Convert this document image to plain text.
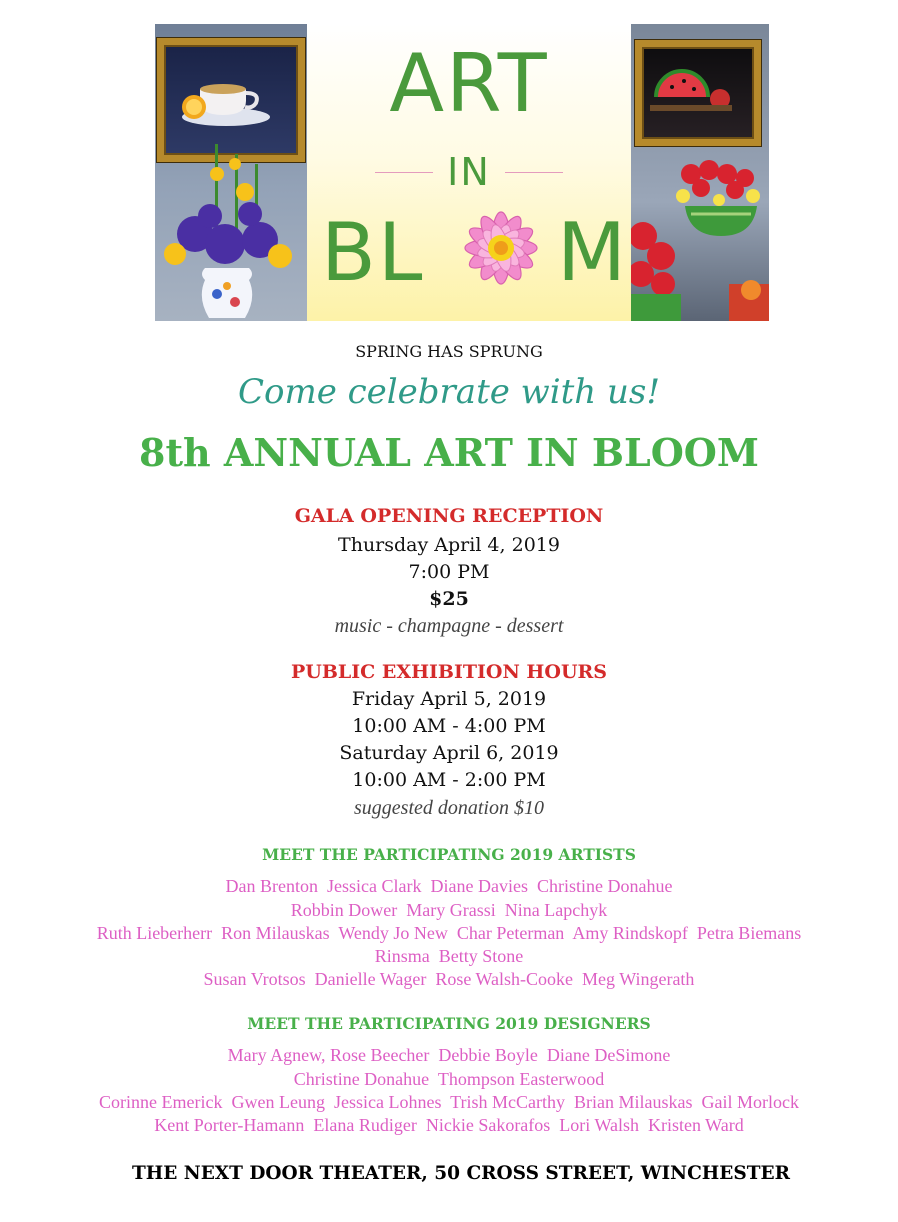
ART
IN
BL M
SPRING HAS SPRUNG
Come celebrate with us!
8th ANNUAL ART IN BLOOM
GALA OPENING RECEPTION
Thursday April 4, 2019
7:00 PM
$25
music - champagne - dessert
PUBLIC EXHIBITION HOURS
Friday April 5, 2019
10:00 AM - 4:00 PM
Saturday April 6, 2019
10:00 AM - 2:00 PM
suggested donation $10
MEET THE PARTICIPATING 2019 ARTISTS
Dan Brenton  Jessica Clark  Diane Davies  Christine Donahue
Robbin Dower  Mary Grassi  Nina Lapchyk
Ruth Lieberherr  Ron Milauskas  Wendy Jo New  Char Peterman  Amy Rindskopf  Petra Biemans
Rinsma  Betty Stone
Susan Vrotsos  Danielle Wager  Rose Walsh-Cooke  Meg Wingerath
MEET THE PARTICIPATING 2019 DESIGNERS
Mary Agnew, Rose Beecher  Debbie Boyle  Diane DeSimone
Christine Donahue  Thompson Easterwood
Corinne Emerick  Gwen Leung  Jessica Lohnes  Trish McCarthy  Brian Milauskas  Gail Morlock
Kent Porter-Hamann  Elana Rudiger  Nickie Sakorafos  Lori Walsh  Kristen Ward
THE NEXT DOOR THEATER, 50 CROSS STREET, WINCHESTER
